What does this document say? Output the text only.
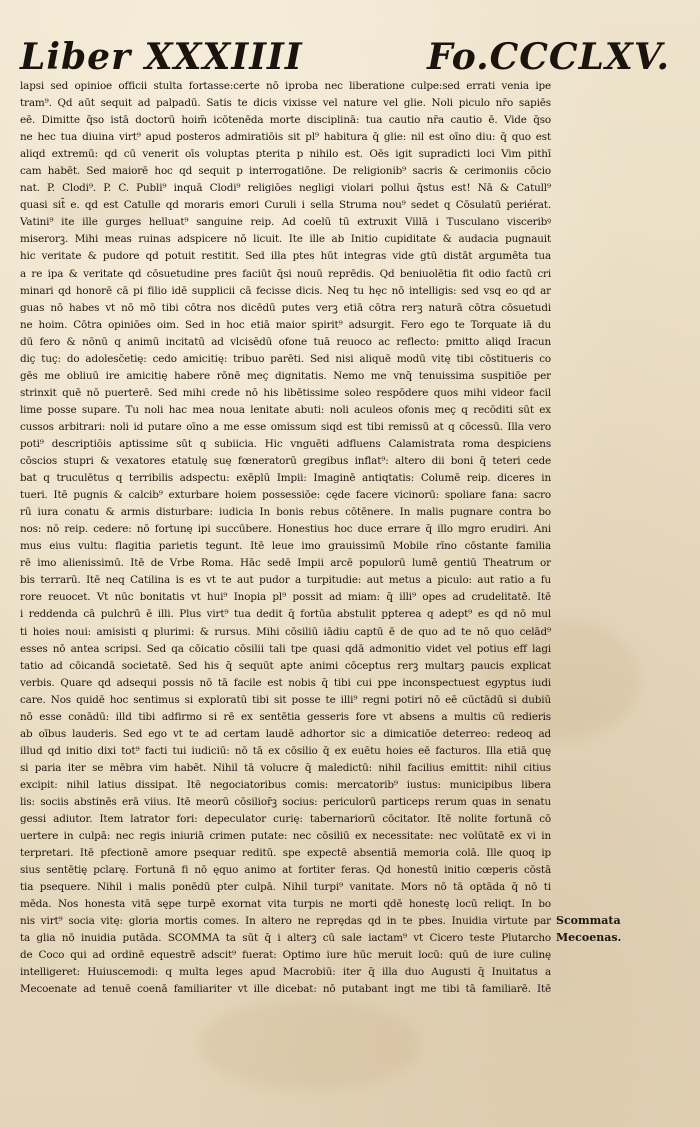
Liber XXXIIII	Fo.CCCLXV.
lapsi sed opinioe officii stulta fortasse:certe nō iproba nec liberatione culpe:sed errati venia ipe
tram⁹. Qd aūt sequit ad palpadū. Satis te dicis vixisse vel nature vel glie. Noli piculo nr̄o sapiēs
eē. Dimitte q̄so istā doctorū hoim̄ icōtenēda morte disciplinā: tua cautio nr̄a cautio ē. Vide q̄so
ne hec tua diuina virt⁹ apud posteros admiratiōis sit pl⁹ habitura q̄ glie: nil est oīno diu: q̄ quo est
aliqd extremū: qd cū venerit oīs voluptas pterita p nihilo est. Oēs igit supradicti loci Vim pithī
cam habēt. Sed maiorē hoc qd sequit p interrogatiōne. De religionib⁹ sacris & cerimoniis cōcio
nat. P. Clodi⁹. P. C. Publi⁹ inquā Clodi⁹ religiōes negligi violari pollui q̄stus est! Nā & Catull⁹
quasi sit̄ e. qd est Catulle qd moraris emori Curuli i sella Struma nou⁹ sedet q Cōsulatū periérat.
Vatini⁹ ite ille gurges helluat⁹ sanguine reip. Ad coelū tū extruxit Villā i Tusculano visceribꝰ
miserorꝫ. Mihi meas ruinas adspicere nō licuit. Ite ille ab Initio cupiditate & audacia pugnauit
hic veritate & pudore qd potuit restitit. Sed illa ptes hūt integras vide gtū distāt argumēta tua
a re ipa & veritate qd cōsuetudine pres faciūt q̄si nouū reprēdis. Qd beniuolētia fit odio factū cri
minari qd honorē cā pi filio idē supplicii cā fecisse dicis. Neq tu hęc nō intelligis: sed vsq eo qd ar
guas nō habes vt nō mō tibi cōtra nos dicēdū putes verꝫ etiā cōtra rerꝫ naturā cōtra cōsuetudi
ne hoim. Cōtra opiniōes oim. Sed in hoc etiā maior spirit⁹ adsurgit. Fero ego te Torquate iā du
dū fero & nōnū q animū incitatū ad vlcisēdū ofone tuā reuoco ac reflecto: pmitto aliqd Iracun
diç tuç: do adolesc̄etię: cedo amicitię: tribuo parēti. Sed nisi aliquē modū vitę tibi cōstitueris co
gēs me obliuū ire amicitię habere rōnē meç dignitatis. Nemo me vnq̄ tenuissima suspitiōe per
strinxit quē nō puerterē. Sed mihi crede nō his libētissime soleo respōdere quos mihi videor facil
lime posse supare. Tu noli hac mea noua lenitate abuti: noli aculeos ofonis meç q recōditi sūt ex
cussos arbitrari: noli id putare oīno a me esse omissum siqd est tibi remissū at q cōcessū. Illa vero
poti⁹ descriptiōis aptissime sūt q subiicia. Hic vnguēti adfluens Calamistrata roma despiciens
cōscios stupri & vexatores etatulę suę fœneratorū gregibus inflat⁹: altero dii boni q̄ teteri cede
bat q truculētus q terribilis adspectu: exēplū Impii: Imaginē antiqtatis: Columē reip. diceres in
tueri. Itē pugnis & calcib⁹ exturbare hoiem possessiōe: cęde facere vicinorū: spoliare fana: sacro
rū iura conatu & armis disturbare: iudicia In bonis rebus cōtēnere. In malis pugnare contra bo
nos: nō reip. cedere: nō fortunę ipi succūbere. Honestius hoc duce errare q̄ illo mgro erudiri. Ani
mus eius vultu: flagitia parietis tegunt. Itē leue imo grauissimū Mobile rīno cōstante familia
rē imo alienissimū. Itē de Vrbe Roma. Hāc sedē Impii arcē populorū lumē gentiū Theatrum or
bis terrarū. Itē neq Catilina is es vt te aut pudor a turpitudie: aut metus a piculo: aut ratio a fu
rore reuocet. Vt nūc bonitatis vt hui⁹ Inopia pl⁹ possit ad miam: q̄ illi⁹ opes ad crudelitatē. Itē
i reddenda cā pulchrū ē illi. Plus virt⁹ tua dedit q̄ fortūa abstulit ppterea q adept⁹ es qd nō mul
ti hoies noui: amisisti q plurimi: & rursus. Mihi cōsiliū iādiu captū ē de quo ad te nō quo celād⁹
esses nō antea scripsi. Sed qa cōicatio cōsilii tali tpe quasi qdā admonitio videt vel potius eff lagi
tatio ad cōicandā societatē. Sed his q̄ sequūt apte animi cōceptus rerꝫ multarꝫ paucis explicat
verbis. Quare qd adsequi possis nō tā facile est nobis q̄ tibi cui ppe inconspectuest egyptus iudi
care. Nos quidē hoc sentimus si exploratū tibi sit posse te illi⁹ regni potiri nō eē cūctādū si dubiū
nō esse conādū: illd tibi adfirmo si rē ex sentētia gesseris fore vt absens a multis cū redieris
ab oībus lauderis. Sed ego vt te ad certam laudē adhortor sic a dimicatiōe deterreo: redeoq ad
illud qd initio dixi tot⁹ facti tui iudiciū: nō tā ex cōsilio q̄ ex euētu hoies eē facturos. Illa etiā quę
si paria iter se mēbra vim habēt. Nihil tā volucre q̄ maledictū: nihil facilius emittit: nihil citius
excipit: nihil latius dissipat. Itē negociatoribus comis: mercatorib⁹ iustus: municipibus libera
lis: sociis abstinēs erā viius. Itē meorū cōsilior̄ꝫ socius: periculorū particeps rerum quas in senatu
gessi adiutor. Item latrator fori: depeculator curię: tabernariorū cōcitator. Itē nolite fortunā cō
uertere in culpā: nec regis iniuriā crimen putate: nec cōsiliū ex necessitate: nec volūtatē ex vi in
terpretari. Itē pfectionē amore psequar reditū. spe expectē absentiā memoria colā. Ille quoq ip
sius sentētię pclarę. Fortunā fi nō ęquo animo at fortiter feras. Qd honestū initio cœperis cōstā
tia psequere. Nihil i malis ponēdū pter culpā. Nihil turpi⁹ vanitate. Mors nō tā optāda q̄ nō ti
mēda. Nos honesta vitā sępe turpē exornat vita turpis ne morti qdē honestę locū reliqt. In bo
nis virt⁹ socia vitę: gloria mortis comes. In altero ne reprędas qd in te pbes. Inuidia virtute par
ta glia nō inuidia putāda. SCOMMA ta sūt q̄ i alterꝫ cū sale iactam⁹ vt Cicero teste Plutarcho
de Coco qui ad ordinē equestrē adscit⁹ fuerat: Optimo iure hūc meruit locū: quū de iure culinę
intelligeret: Huiuscemodi: q multa leges apud Macrobiū: iter q̄ illa duo Augusti q̄ Inuitatus a
Mecoenate ad tenuē coenā familiariter vt ille dicebat: nō putabant ingt me tibi tā familiarē. Itē
Scommata
Mecoenas.
